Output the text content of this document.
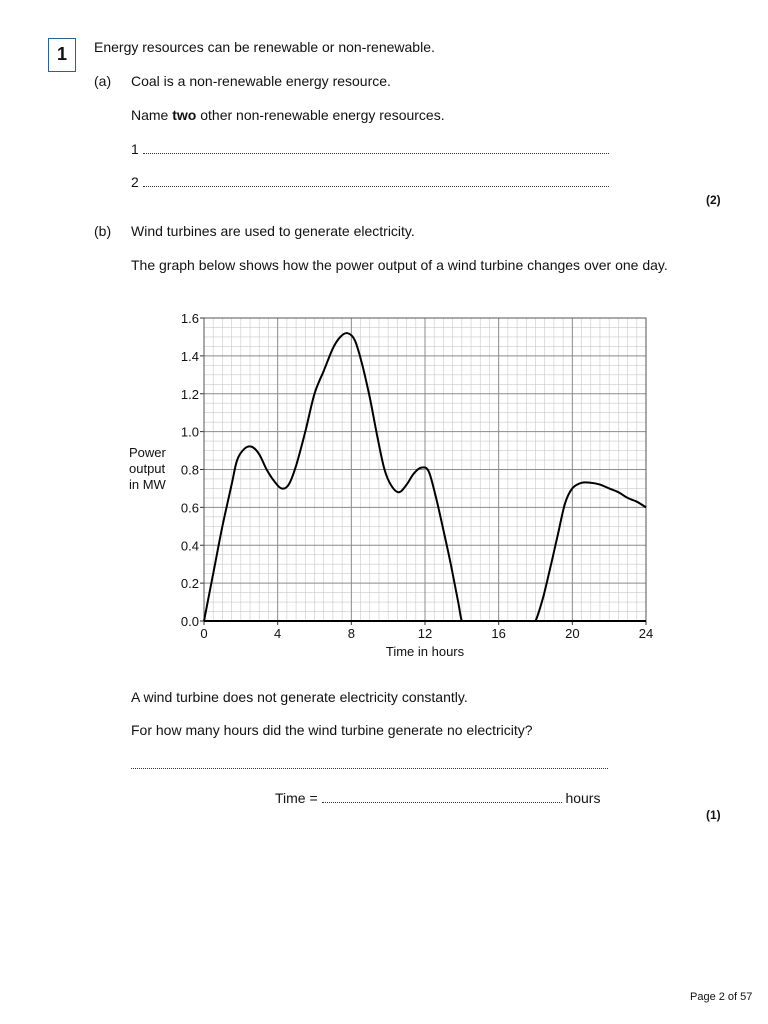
1	Energy resources can be renewable or non-renewable.
(a) Coal is a non-renewable energy resource.
Name two other non-renewable energy resources.
1
2
(2)
(b) Wind turbines are used to generate electricity.
The graph below shows how the power output of a wind turbine changes over one day.
0.0
0.2
0.4
0.6
0.8
1.0
1.2
1.4
1.6
0	4	8	12	16	20	24
Power
output
in MW
Time in hours
A wind turbine does not generate electricity constantly.
For how many hours did the wind turbine generate no electricity?
Time =	hours
(1)
Page 2 of 57
